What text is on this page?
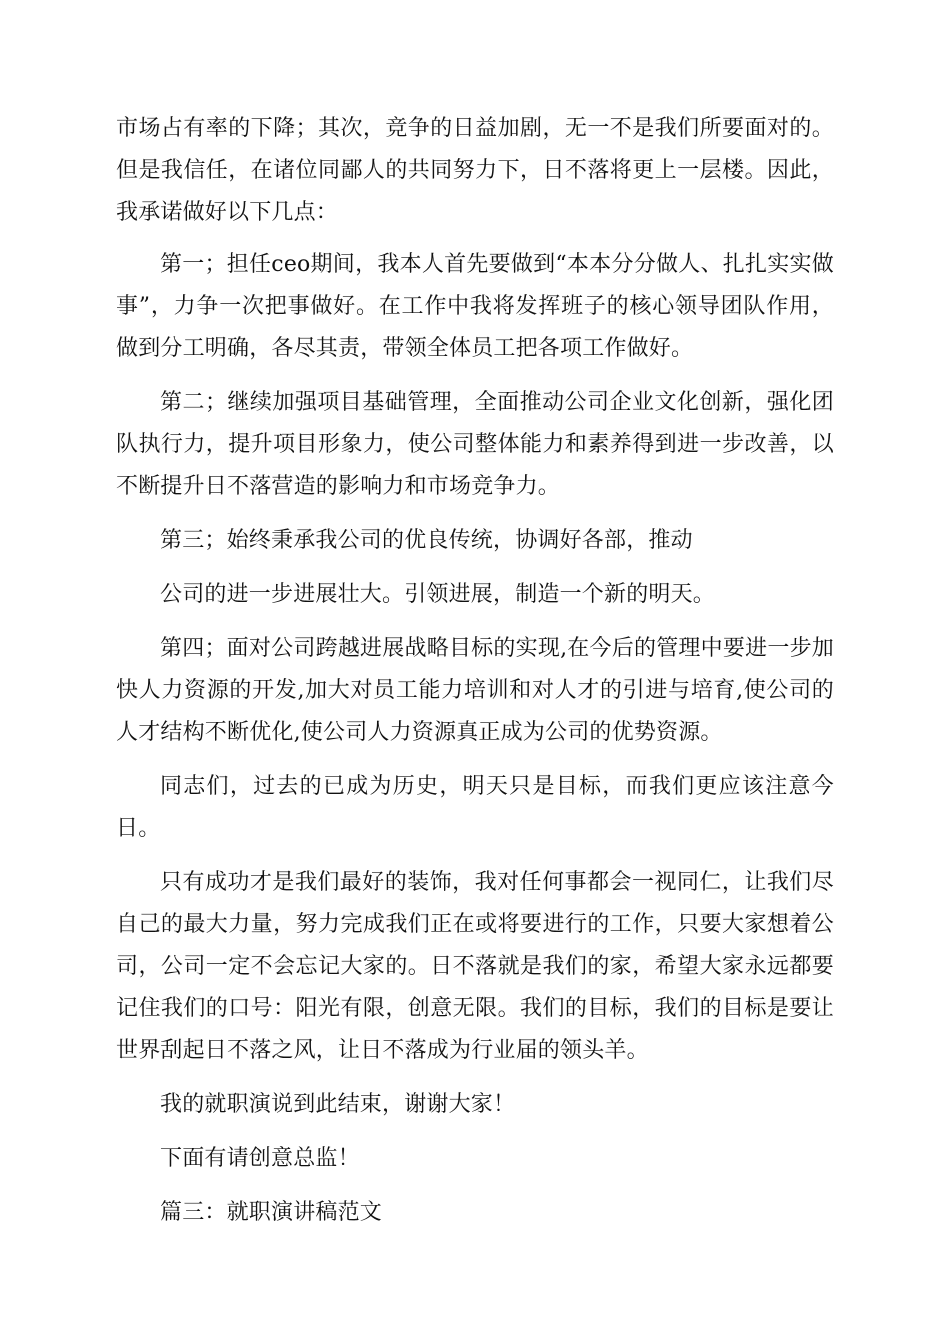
市场占有率的下降；其次，竞争的日益加剧，无一不是我们所要面对的。但是我信任，在诸位同鄙人的共同努力下，日不落将更上一层楼。因此，我承诺做好以下几点：

第一；担任ceo期间，我本人首先要做到“本本分分做人、扎扎实实做事”，力争一次把事做好。在工作中我将发挥班子的核心领导团队作用，做到分工明确，各尽其责，带领全体员工把各项工作做好。

第二；继续加强项目基础管理，全面推动公司企业文化创新，强化团队执行力，提升项目形象力，使公司整体能力和素养得到进一步改善，以不断提升日不落营造的影响力和市场竞争力。

第三；始终秉承我公司的优良传统，协调好各部，推动

公司的进一步进展壮大。引领进展，制造一个新的明天。

第四；面对公司跨越进展战略目标的实现,在今后的管理中要进一步加快人力资源的开发,加大对员工能力培训和对人才的引进与培育,使公司的人才结构不断优化,使公司人力资源真正成为公司的优势资源。

同志们，过去的已成为历史，明天只是目标，而我们更应该注意今日。

只有成功才是我们最好的装饰，我对任何事都会一视同仁，让我们尽自己的最大力量，努力完成我们正在或将要进行的工作，只要大家想着公司，公司一定不会忘记大家的。日不落就是我们的家，希望大家永远都要记住我们的口号：阳光有限，创意无限。我们的目标，我们的目标是要让世界刮起日不落之风，让日不落成为行业届的领头羊。

我的就职演说到此结束，谢谢大家！

下面有请创意总监！

篇三：就职演讲稿范文
